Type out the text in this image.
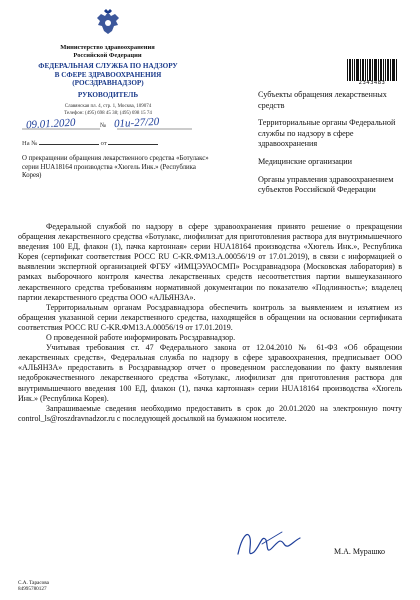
Министерство здравоохранения
Российской Федерации
ФЕДЕРАЛЬНАЯ СЛУЖБА ПО НАДЗОРУ
В СФЕРЕ ЗДРАВООХРАНЕНИЯ
(РОСЗДРАВНАДЗОР)
РУКОВОДИТЕЛЬ
Славянская пл. 4, стр. 1, Москва, 109074
Телефон: (495) 698 45 38; (495) 698 15 74
09.01.2020	№ 01и-27/20
На №	от
О прекращении обращения лекарственного средства «Ботулакс» серии HUA18164 производства «Хюгель Инк.» (Республика Корея)
2343483

Субъекты обращения лекарственных средств

Территориальные органы Федеральной службы по надзору в сфере здравоохранения

Медицинские организации

Органы управления здравоохранением субъектов Российской Федерации

Федеральной службой по надзору в сфере здравоохранения принято решение о прекращении обращения лекарственного средства «Ботулакс, лиофилизат для приготовления раствора для внутримышечного введения 100 ЕД, флакон (1), пачка картонная» серии HUA18164 производства «Хюгель Инк.», Республика Корея (сертификат соответствия РОСС RU C-KR.ФМ13.А.00056/19 от 17.01.2019), в связи с информацией о выявлении экспертной организацией ФГБУ «ИМЦЭУАОСМП» Росздравнадзора (Московская лаборатория) в рамках выборочного контроля качества лекарственных средств несоответствия партии вышеуказанного лекарственного средства требованиям нормативной документации по показателю «Подлинность»; владелец партии лекарственного средства ООО «АЛЬЯНЗА».

Территориальным органам Росздравнадзора обеспечить контроль за выявлением и изъятием из обращения указанной серии лекарственного средства, находящейся в обращении на основании сертификата соответствия РОСС RU C-KR.ФМ13.А.00056/19 от 17.01.2019.

О проведенной работе информировать Росздравнадзор.

Учитывая требования ст. 47 Федерального закона от 12.04.2010 № 61-ФЗ «Об обращении лекарственных средств», Федеральная служба по надзору в сфере здравоохранения, предписывает ООО «АЛЬЯНЗА» предоставить в Росздравнадзор отчет о проведенном расследовании по факту выявления недоброкачественного лекарственного средства «Ботулакс, лиофилизат для приготовления раствора для внутримышечного введения 100 ЕД, флакон (1), пачка картонная» серии HUA18164 производства «Хюгель Инк.» (Республика Корея).

Запрашиваемые сведения необходимо предоставить в срок до 20.01.2020 на электронную почту control_ls@roszdravnadzor.ru с последующей досылкой на бумажном носителе.

М.А. Мурашко
С.А. Тарасова
84995780127
